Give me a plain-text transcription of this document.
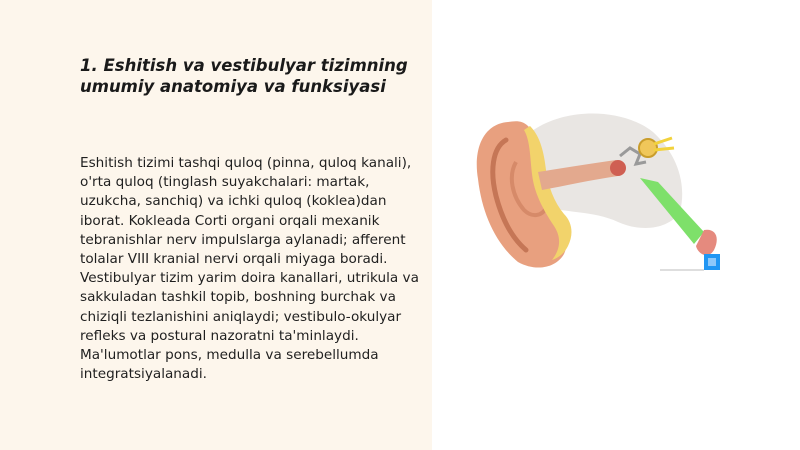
1. Eshitish va vestibulyar tizimning
umumiy anatomiya va funksiyasi

Eshitish tizimi tashqi quloq (pinna, quloq kanali), o'rta quloq (tinglash suyakchalari: martak, uzukcha, sanchiq) va ichki quloq (koklea)dan iborat. Kokleada Corti organi orqali mexanik tebranishlar nerv impulslarga aylanadi; afferent tolalar VIII kranial nervi orqali miyaga boradi. Vestibulyar tizim yarim doira kanallari, utrikula va sakkuladan tashkil topib, boshning burchak va chiziqli tezlanishini aniqlaydi; vestibulo-okulyar refleks va postural nazoratni ta'minlaydi. Ma'lumotlar pons, medulla va serebellumda integratsiyalanadi.
